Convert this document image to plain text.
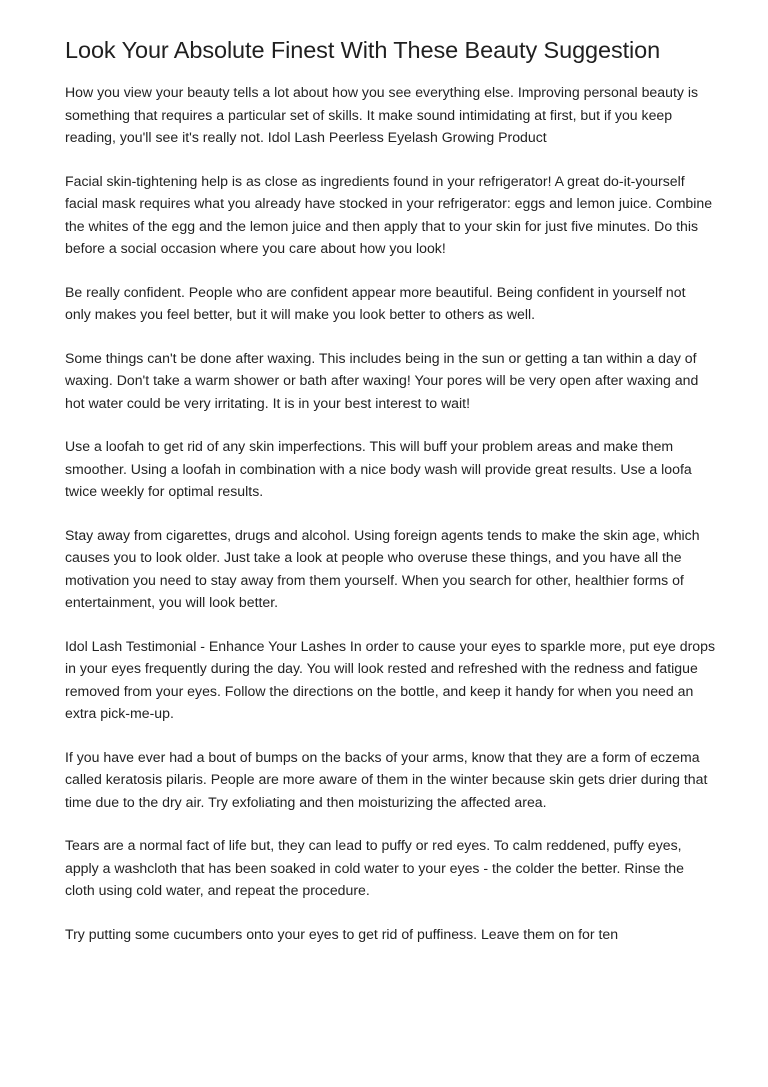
Look Your Absolute Finest With These Beauty Suggestion

How you view your beauty tells a lot about how you see everything else. Improving personal beauty is something that requires a particular set of skills. It make sound intimidating at first, but if you keep reading, you'll see it's really not. Idol Lash Peerless Eyelash Growing Product

Facial skin-tightening help is as close as ingredients found in your refrigerator! A great do-it-yourself facial mask requires what you already have stocked in your refrigerator: eggs and lemon juice. Combine the whites of the egg and the lemon juice and then apply that to your skin for just five minutes. Do this before a social occasion where you care about how you look!

Be really confident. People who are confident appear more beautiful. Being confident in yourself not only makes you feel better, but it will make you look better to others as well.

Some things can't be done after waxing. This includes being in the sun or getting a tan within a day of waxing. Don't take a warm shower or bath after waxing! Your pores will be very open after waxing and hot water could be very irritating. It is in your best interest to wait!

Use a loofah to get rid of any skin imperfections. This will buff your problem areas and make them smoother. Using a loofah in combination with a nice body wash will provide great results. Use a loofa twice weekly for optimal results.

Stay away from cigarettes, drugs and alcohol. Using foreign agents tends to make the skin age, which causes you to look older. Just take a look at people who overuse these things, and you have all the motivation you need to stay away from them yourself. When you search for other, healthier forms of entertainment, you will look better.

Idol Lash Testimonial - Enhance Your Lashes In order to cause your eyes to sparkle more, put eye drops in your eyes frequently during the day. You will look rested and refreshed with the redness and fatigue removed from your eyes. Follow the directions on the bottle, and keep it handy for when you need an extra pick-me-up.

If you have ever had a bout of bumps on the backs of your arms, know that they are a form of eczema called keratosis pilaris. People are more aware of them in the winter because skin gets drier during that time due to the dry air. Try exfoliating and then moisturizing the affected area.

Tears are a normal fact of life but, they can lead to puffy or red eyes. To calm reddened, puffy eyes, apply a washcloth that has been soaked in cold water to your eyes - the colder the better. Rinse the cloth using cold water, and repeat the procedure.

Try putting some cucumbers onto your eyes to get rid of puffiness. Leave them on for ten
